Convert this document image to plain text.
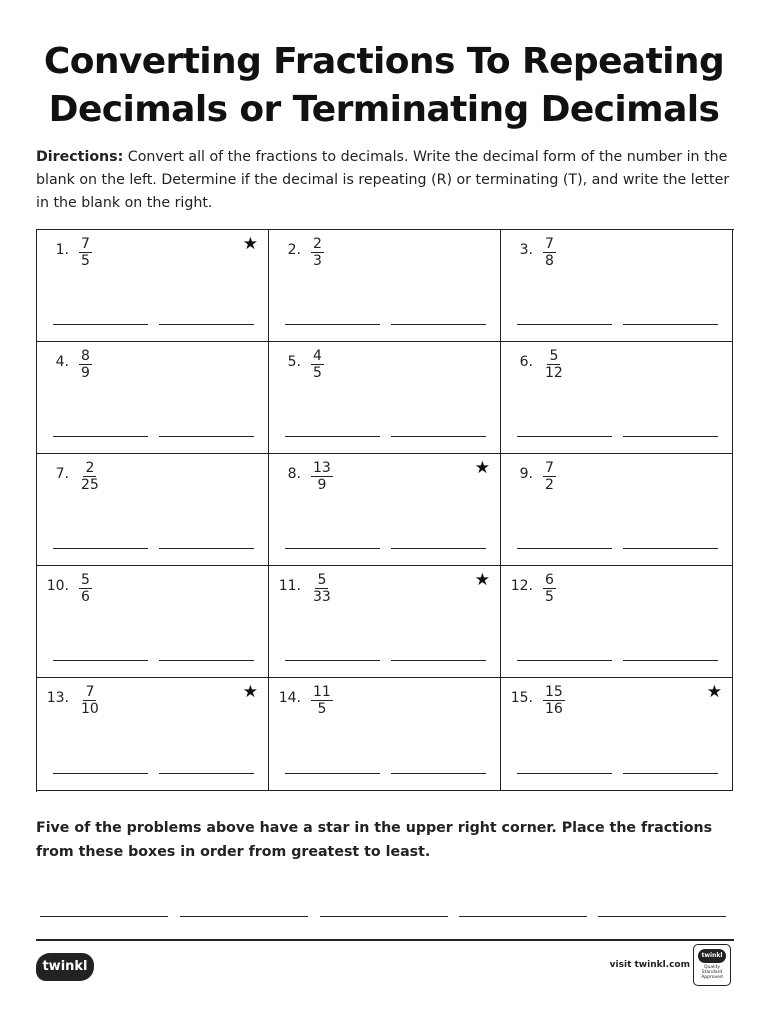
Converting Fractions To Repeating
Decimals or Terminating Decimals
Directions: Convert all of the fractions to decimals. Write the decimal form of the number in the blank on the left. Determine if the decimal is repeating (R) or terminating (T), and write the letter in the blank on the right.
1. $\frac{7}{5}$	★	2. $\frac{2}{3}$	3. $\frac{7}{8}$
4. $\frac{8}{9}$	5. $\frac{4}{5}$	6. $\frac{5}{12}$
7. $\frac{2}{25}$	8. $\frac{13}{9}$	★	9. $\frac{7}{2}$
10. $\frac{5}{6}$	11. $\frac{5}{33}$	★	12. $\frac{6}{5}$
13. $\frac{7}{10}$	★	14. $\frac{11}{5}$	15. $\frac{15}{16}$	★
Five of the problems above have a star in the upper right corner. Place the fractions from these boxes in order from greatest to least.
twinkl	visit twinkl.com
twinkl
Quality Standard Approved
